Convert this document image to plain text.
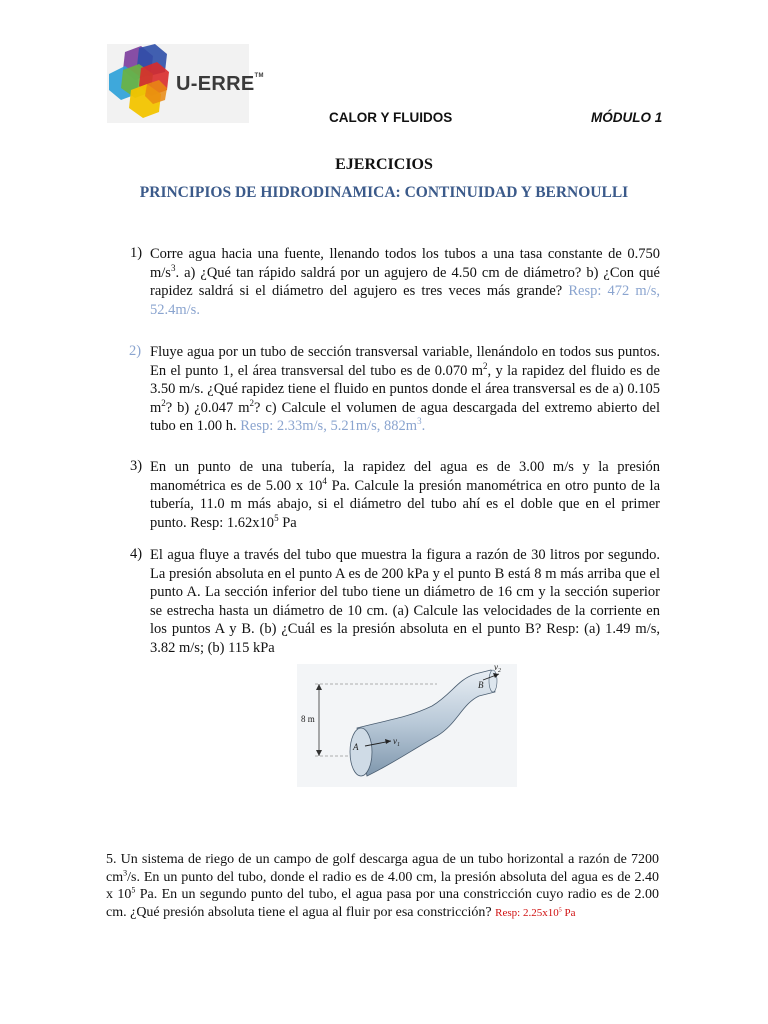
U-ERRE™
CALOR Y FLUIDOS	MÓDULO 1
EJERCICIOS
PRINCIPIOS DE HIDRODINAMICA: CONTINUIDAD Y BERNOULLI
1) Corre agua hacia una fuente, llenando todos los tubos a una tasa constante de 0.750 $m/s^3$. a) ¿Qué tan rápido saldrá por un agujero de 4.50 cm de diámetro? b) ¿Con qué rapidez saldrá si el diámetro del agujero es tres veces más grande? Resp: 472 m/s, 52.4m/s.
2) Fluye agua por un tubo de sección transversal variable, llenándolo en todos sus puntos. En el punto 1, el área transversal del tubo es de 0.070 $m^2$, y la rapidez del fluido es de 3.50 m/s. ¿Qué rapidez tiene el fluido en puntos donde el área transversal es de a) 0.105 $m^2$? b) ¿0.047 $m^2$? c) Calcule el volumen de agua descargada del extremo abierto del tubo en 1.00 h. Resp: 2.33m/s, 5.21m/s, $882m^3$.
3) En un punto de una tubería, la rapidez del agua es de 3.00 m/s y la presión manométrica es de 5.00 x $10^4$ Pa. Calcule la presión manométrica en otro punto de la tubería, 11.0 m más abajo, si el diámetro del tubo ahí es el doble que en el primer punto. Resp: $1.62x10^5$ Pa
4) El agua fluye a través del tubo que muestra la figura a razón de 30 litros por segundo. La presión absoluta en el punto A es de 200 kPa y el punto B está 8 m más arriba que el punto A. La sección inferior del tubo tiene un diámetro de 16 cm y la sección superior se estrecha hasta un diámetro de 10 cm. (a) Calcule las velocidades de la corriente en los puntos A y B. (b) ¿Cuál es la presión absoluta en el punto B? Resp: (a) 1.49 m/s, 3.82 m/s; (b) 115 kPa
8 m
A
B
$v_1$
$v_2$
5. Un sistema de riego de un campo de golf descarga agua de un tubo horizontal a razón de 7200 $cm^3/s$. En un punto del tubo, donde el radio es de 4.00 cm, la presión absoluta del agua es de 2.40 x $10^5$ Pa. En un segundo punto del tubo, el agua pasa por una constricción cuyo radio es de 2.00 cm. ¿Qué presión absoluta tiene el agua al fluir por esa constricción? Resp: $2.25x10^5$ Pa
